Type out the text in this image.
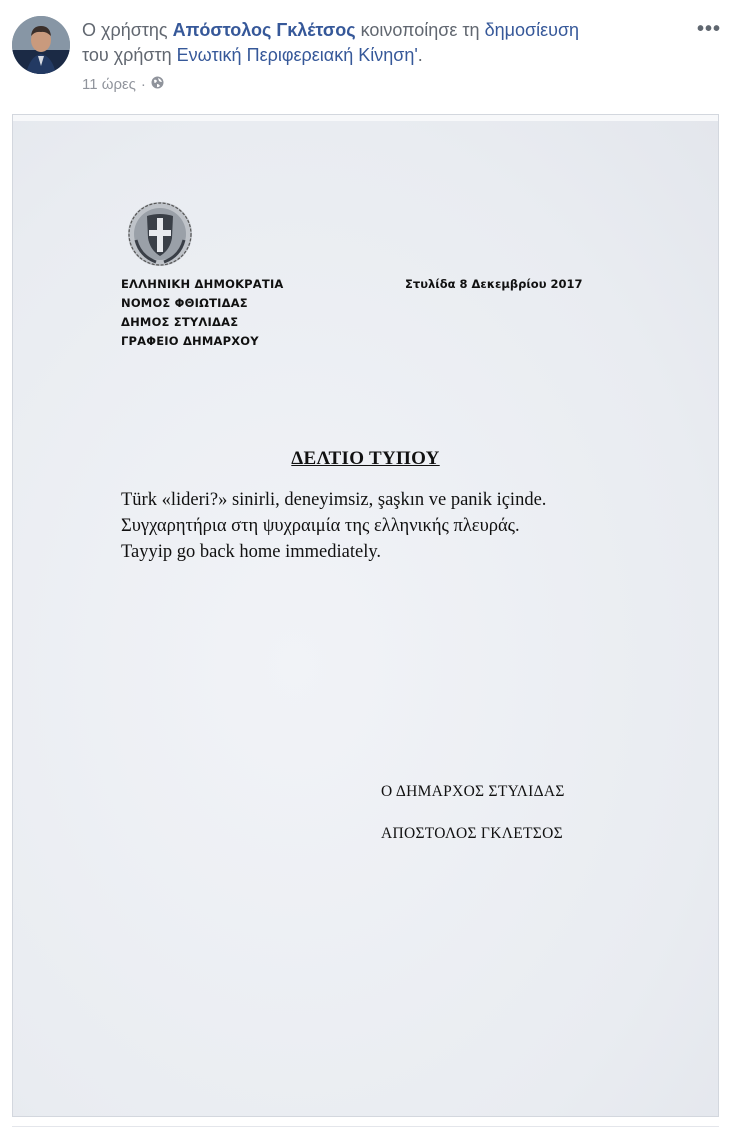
Ο χρήστης Απόστολος Γκλέτσος κοινοποίησε τη δημοσίευση
του χρήστη Ενωτική Περιφερειακή Κίνηση'.
11 ώρες ·
•••
ΕΛΛΗΝΙΚΗ ΔΗΜΟΚΡΑΤΙΑ
ΝΟΜΟΣ ΦΘΙΩΤΙΔΑΣ
ΔΗΜΟΣ ΣΤΥΛΙΔΑΣ
ΓΡΑΦΕΙΟ ΔΗΜΑΡΧΟΥ
Στυλίδα 8 Δεκεμβρίου 2017
ΔΕΛΤΙΟ ΤΥΠΟΥ
Türk «lideri?» sinirli, deneyimsiz, şaşkın ve panik içinde.
Συγχαρητήρια στη ψυχραιμία της ελληνικής πλευράς.
Tayyip go back home immediately.
Ο ΔΗΜΑΡΧΟΣ ΣΤΥΛΙΔΑΣ
ΑΠΟΣΤΟΛΟΣ ΓΚΛΕΤΣΟΣ
